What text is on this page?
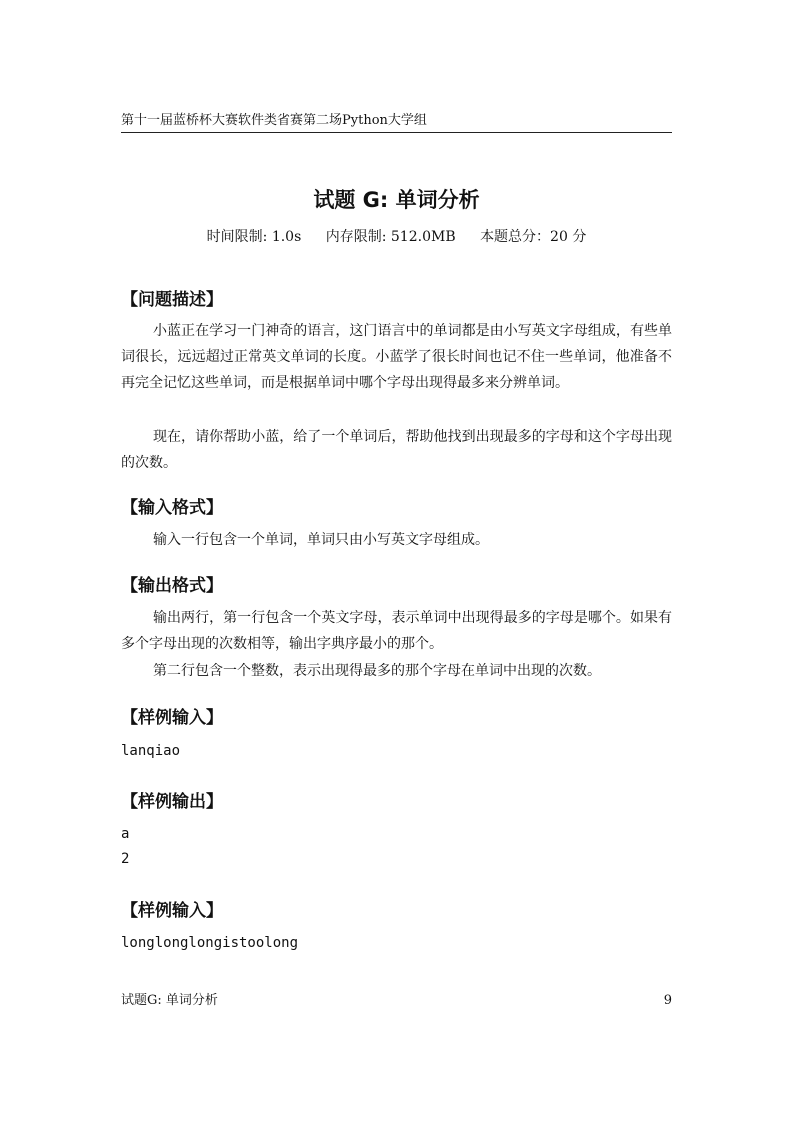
第十一届蓝桥杯大赛软件类省赛第二场Python大学组
试题 G: 单词分析
时间限制: 1.0s 内存限制: 512.0MB 本题总分：20 分
【问题描述】
小蓝正在学习一门神奇的语言，这门语言中的单词都是由小写英文字母组成，有些单词很长，远远超过正常英文单词的长度。小蓝学了很长时间也记不住一些单词，他准备不再完全记忆这些单词，而是根据单词中哪个字母出现得最多来分辨单词。
现在，请你帮助小蓝，给了一个单词后，帮助他找到出现最多的字母和这个字母出现的次数。
【输入格式】
输入一行包含一个单词，单词只由小写英文字母组成。
【输出格式】
输出两行，第一行包含一个英文字母，表示单词中出现得最多的字母是哪个。如果有多个字母出现的次数相等，输出字典序最小的那个。
第二行包含一个整数，表示出现得最多的那个字母在单词中出现的次数。
【样例输入】
lanqiao
【样例输出】
a
2
【样例输入】
longlonglongistoolong
试题G: 单词分析	9
